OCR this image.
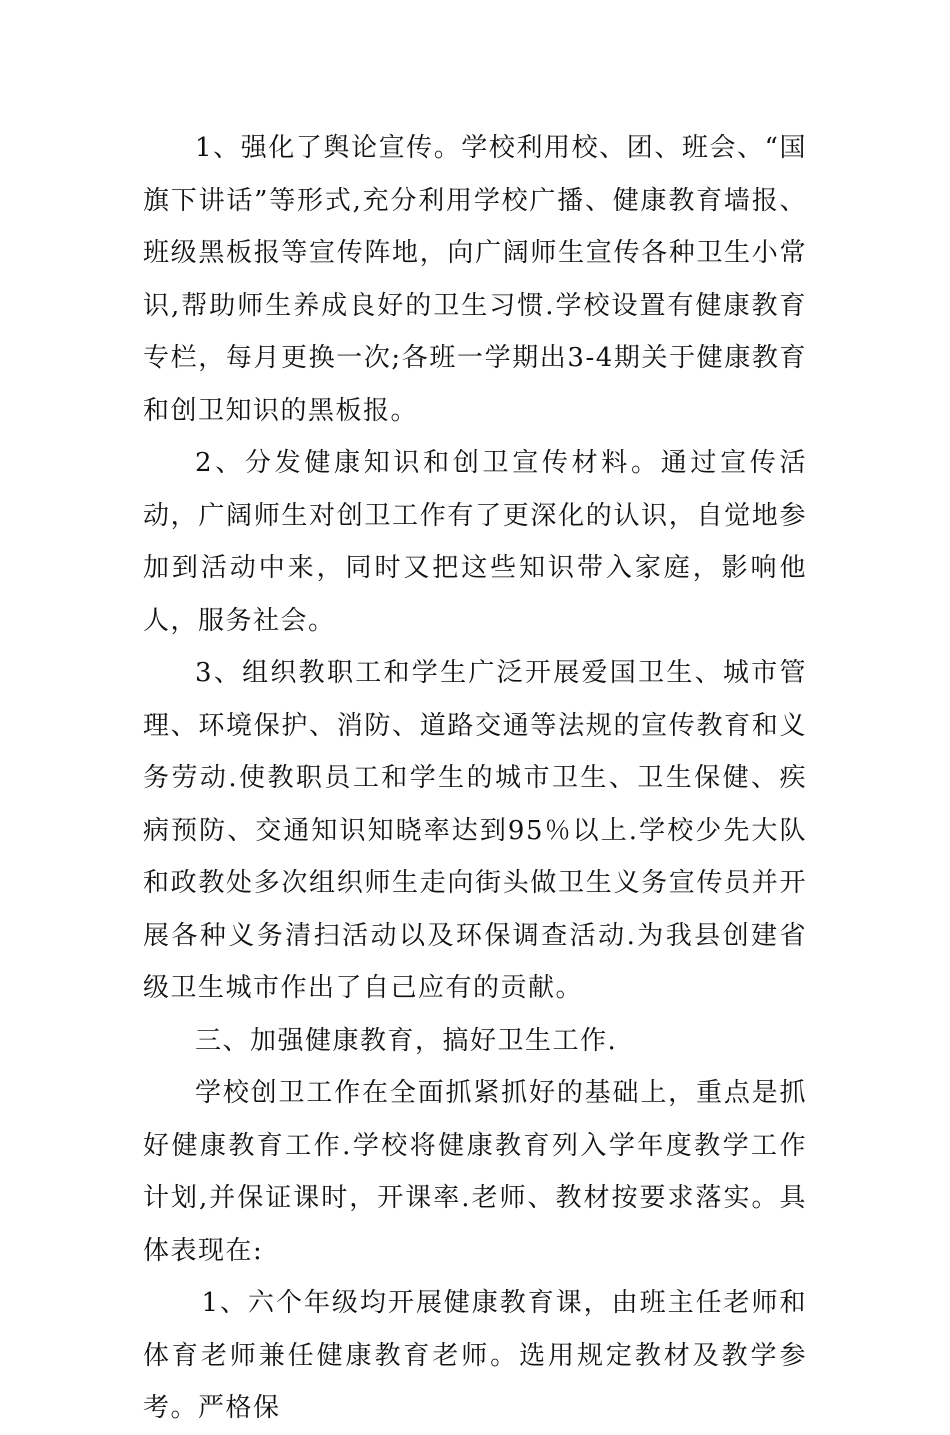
1、强化了舆论宣传。学校利用校、团、班会、“国旗下讲话”等形式,充分利用学校广播、健康教育墙报、班级黑板报等宣传阵地，向广阔师生宣传各种卫生小常识,帮助师生养成良好的卫生习惯.学校设置有健康教育专栏，每月更换一次;各班一学期出3-4期关于健康教育和创卫知识的黑板报。

2、分发健康知识和创卫宣传材料。通过宣传活动，广阔师生对创卫工作有了更深化的认识，自觉地参加到活动中来，同时又把这些知识带入家庭，影响他人，服务社会。

3、组织教职工和学生广泛开展爱国卫生、城市管理、环境保护、消防、道路交通等法规的宣传教育和义务劳动.使教职员工和学生的城市卫生、卫生保健、疾病预防、交通知识知晓率达到95％以上.学校少先大队和政教处多次组织师生走向街头做卫生义务宣传员并开展各种义务清扫活动以及环保调查活动.为我县创建省级卫生城市作出了自己应有的贡献。

三、加强健康教育，搞好卫生工作.

学校创卫工作在全面抓紧抓好的基础上，重点是抓好健康教育工作.学校将健康教育列入学年度教学工作计划,并保证课时，开课率.老师、教材按要求落实。具体表现在:

1、六个年级均开展健康教育课，由班主任老师和体育老师兼任健康教育老师。选用规定教材及教学参考。严格保
